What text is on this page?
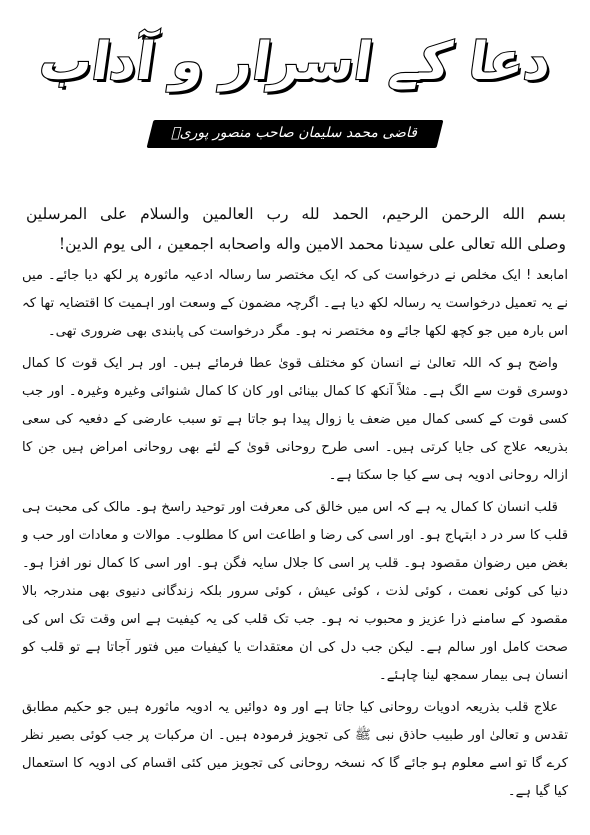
دعا کے اسرار و آداب
قاضی محمد سلیمان صاحب منصور پوریؒ
بسم الله الرحمن الرحيم، الحمد لله رب العالمين والسلام على المرسلين
وصلى الله تعالى على سيدنا محمد الامين واله واصحابه اجمعين ، الى يوم الدين!

امابعد ! ایک مخلص نے درخواست کی کہ ایک مختصر سا رسالہ ادعیہ ماثورہ پر لکھ دیا جائے۔ میں نے یہ تعمیل درخواست یہ رسالہ لکھ دیا ہے۔ اگرچہ مضمون کے وسعت اور اہمیت کا اقتضایہ تھا کہ اس بارہ میں جو کچھ لکھا جائے وہ مختصر نہ ہو۔ مگر درخواست کی پابندی بھی ضروری تھی۔

واضح ہو کہ اللہ تعالیٰ نے انسان کو مختلف قویٰ عطا فرمائے ہیں۔ اور ہر ایک قوت کا کمال دوسری قوت سے الگ ہے۔ مثلاً آنکھ کا کمال بینائی اور کان کا کمال شنوائی وغیرہ وغیرہ۔ اور جب کسی قوت کے کسی کمال میں ضعف یا زوال پیدا ہو جاتا ہے تو سبب عارضی کے دفعیہ کی سعی بذریعہ علاج کی جایا کرتی ہیں۔ اسی طرح روحانی قویٰ کے لئے بھی روحانی امراض ہیں جن کا ازالہ روحانی ادویہ ہی سے کیا جا سکتا ہے۔

قلب انسان کا کمال یہ ہے کہ اس میں خالق کی معرفت اور توحید راسخ ہو۔ مالک کی محبت ہی قلب کا سر در د ابتہاج ہو۔ اور اسی کی رضا و اطاعت اس کا مطلوب۔ موالات و معادات اور حب و بغض میں رضوان مقصود ہو۔ قلب پر اسی کا جلال سایہ فگن ہو۔ اور اسی کا کمال نور افزا ہو۔ دنیا کی کوئی نعمت ، کوئی لذت ، کوئی عیش ، کوئی سرور بلکہ زندگانی دنیوی بھی مندرجہ بالا مقصود کے سامنے ذرا عزیز و محبوب نہ ہو۔ جب تک قلب کی یہ کیفیت ہے اس وقت تک اس کی صحت کامل اور سالم ہے۔ لیکن جب دل کی ان معتقدات یا کیفیات میں فتور آجاتا ہے تو قلب کو انسان ہی بیمار سمجھ لینا چاہئے۔

علاج قلب بذریعہ ادویات روحانی کیا جاتا ہے اور وہ دوائیں یہ ادویہ ماثورہ ہیں جو حکیم مطابق تقدس و تعالیٰ اور طبیب حاذق نبی ﷺ کی تجویز فرمودہ ہیں۔ ان مرکبات پر جب کوئی بصیر نظر کرے گا تو اسے معلوم ہو جائے گا کہ نسخہ روحانی کی تجویز میں کئی اقسام کی ادویہ کا استعمال کیا گیا ہے۔
